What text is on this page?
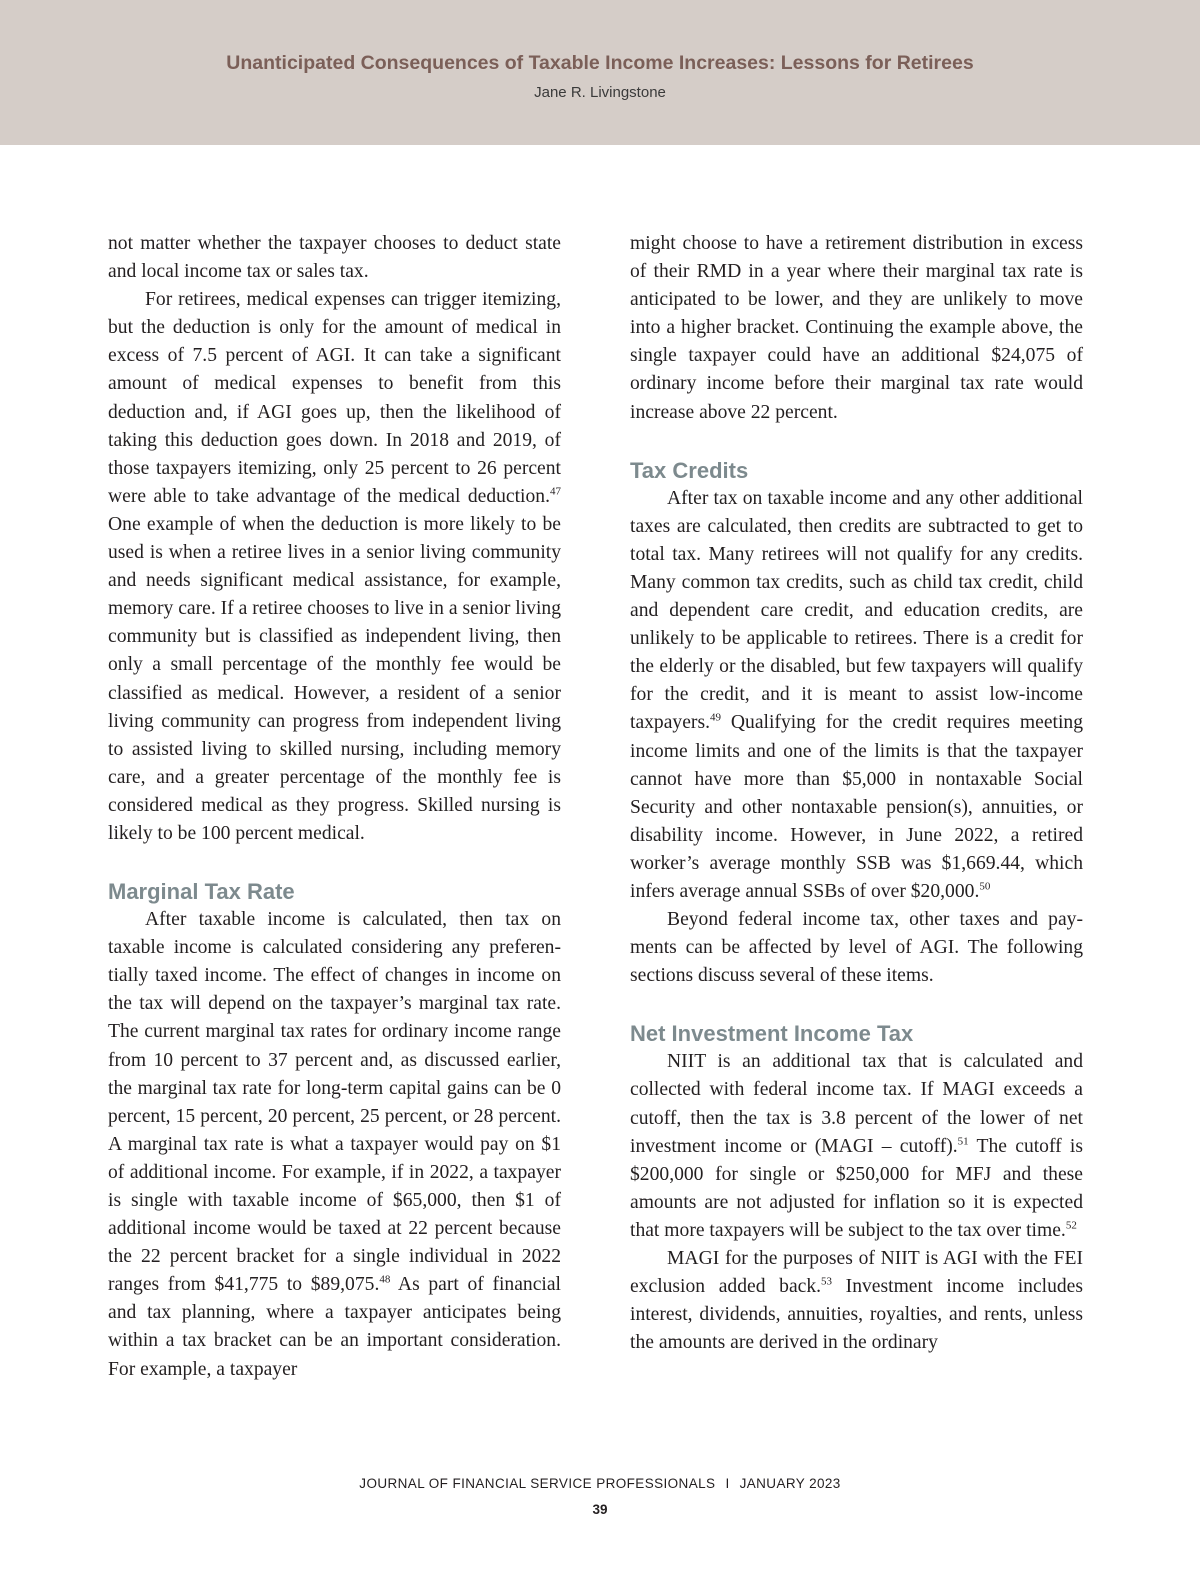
Unanticipated Consequences of Taxable Income Increases: Lessons for Retirees
Jane R. Livingstone

not matter whether the taxpayer chooses to deduct state and local income tax or sales tax.

For retirees, medical expenses can trigger itemizing, but the deduction is only for the amount of medical in excess of 7.5 percent of AGI. It can take a significant amount of medical expenses to benefit from this deduction and, if AGI goes up, then the likelihood of taking this deduction goes down. In 2018 and 2019, of those taxpayers itemizing, only 25 percent to 26 percent were able to take advantage of the medical deduction.$^{47}$ One example of when the deduction is more likely to be used is when a retiree lives in a senior living community and needs significant medical assistance, for example, memory care. If a retiree chooses to live in a senior living community but is classified as independent living, then only a small percentage of the monthly fee would be classified as medical. However, a resident of a senior living community can progress from independent living to assisted living to skilled nursing, including memory care, and a greater percentage of the monthly fee is considered medical as they progress. Skilled nursing is likely to be 100 percent medical.

Marginal Tax Rate

After taxable income is calculated, then tax on taxable income is calculated considering any preferentially taxed income. The effect of changes in income on the tax will depend on the taxpayer’s marginal tax rate. The current marginal tax rates for ordinary income range from 10 percent to 37 percent and, as discussed earlier, the marginal tax rate for long-term capital gains can be 0 percent, 15 percent, 20 percent, 25 percent, or 28 percent. A marginal tax rate is what a taxpayer would pay on $1 of additional income. For example, if in 2022, a taxpayer is single with taxable income of $65,000, then $1 of additional income would be taxed at 22 percent because the 22 percent bracket for a single individual in 2022 ranges from $41,775 to $89,075.48 As part of financial and tax planning, where a taxpayer anticipates being within a tax bracket can be an important consideration. For example, a taxpayer

might choose to have a retirement distribution in excess of their RMD in a year where their marginal tax rate is anticipated to be lower, and they are unlikely to move into a higher bracket. Continuing the example above, the single taxpayer could have an additional $24,075 of ordinary income before their marginal tax rate would increase above 22 percent.

Tax Credits

After tax on taxable income and any other additional taxes are calculated, then credits are subtracted to get to total tax. Many retirees will not qualify for any credits. Many common tax credits, such as child tax credit, child and dependent care credit, and education credits, are unlikely to be applicable to retirees. There is a credit for the elderly or the disabled, but few taxpayers will qualify for the credit, and it is meant to assist low-income taxpayers.$^{49}$ Qualifying for the credit requires meeting income limits and one of the limits is that the taxpayer cannot have more than $5,000 in nontaxable Social Security and other nontaxable pension(s), annuities, or disability income. However, in June 2022, a retired worker’s average monthly SSB was $1,669.44, which infers average annual SSBs of over $20,000.50

Beyond federal income tax, other taxes and payments can be affected by level of AGI. The following sections discuss several of these items.

Net Investment Income Tax

NIIT is an additional tax that is calculated and collected with federal income tax. If MAGI exceeds a cutoff, then the tax is 3.8 percent of the lower of net investment income or (MAGI – cutoff).$^{51}$ The cutoff is $200,000 for single or $250,000 for MFJ and these amounts are not adjusted for inflation so it is expected that more taxpayers will be subject to the tax over time.$^{52}$

MAGI for the purposes of NIIT is AGI with the FEI exclusion added back.$^{53}$ Investment income includes interest, dividends, annuities, royalties, and rents, unless the amounts are derived in the ordinary

JOURNAL OF FINANCIAL SERVICE PROFESSIONALS I JANUARY 2023
39
